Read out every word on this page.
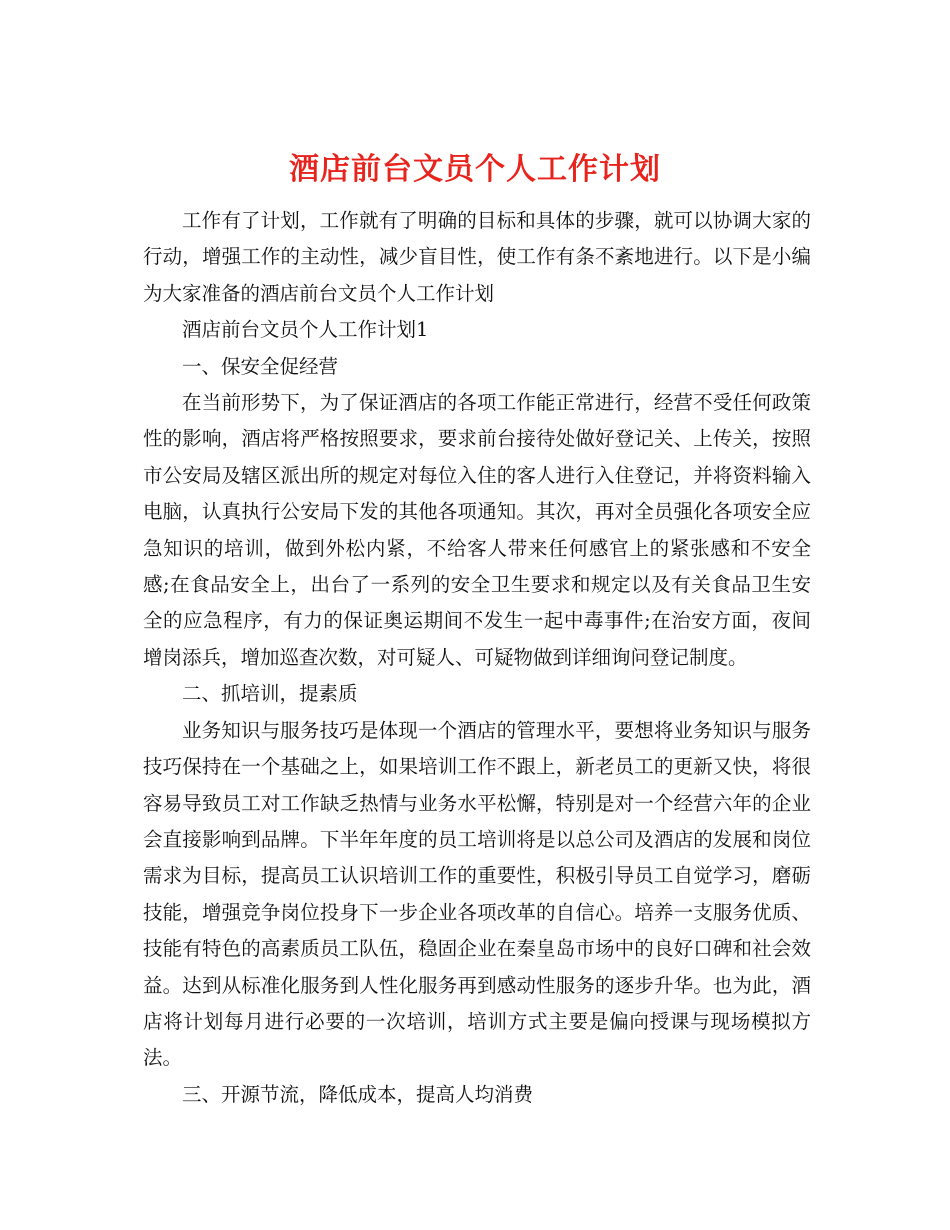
酒店前台文员个人工作计划

工作有了计划，工作就有了明确的目标和具体的步骤，就可以协调大家的行动，增强工作的主动性，减少盲目性，使工作有条不紊地进行。以下是小编为大家准备的酒店前台文员个人工作计划

酒店前台文员个人工作计划1

一、保安全促经营

在当前形势下，为了保证酒店的各项工作能正常进行，经营不受任何政策性的影响，酒店将严格按照要求，要求前台接待处做好登记关、上传关，按照市公安局及辖区派出所的规定对每位入住的客人进行入住登记，并将资料输入电脑，认真执行公安局下发的其他各项通知。其次，再对全员强化各项安全应急知识的培训，做到外松内紧，不给客人带来任何感官上的紧张感和不安全感;在食品安全上，出台了一系列的安全卫生要求和规定以及有关食品卫生安全的应急程序，有力的保证奥运期间不发生一起中毒事件;在治安方面，夜间增岗添兵，增加巡查次数，对可疑人、可疑物做到详细询问登记制度。

二、抓培训，提素质

业务知识与服务技巧是体现一个酒店的管理水平，要想将业务知识与服务技巧保持在一个基础之上，如果培训工作不跟上，新老员工的更新又快，将很容易导致员工对工作缺乏热情与业务水平松懈，特别是对一个经营六年的企业会直接影响到品牌。下半年年度的员工培训将是以总公司及酒店的发展和岗位需求为目标，提高员工认识培训工作的重要性，积极引导员工自觉学习，磨砺技能，增强竞争岗位投身下一步企业各项改革的自信心。培养一支服务优质、技能有特色的高素质员工队伍，稳固企业在秦皇岛市场中的良好口碑和社会效益。达到从标准化服务到人性化服务再到感动性服务的逐步升华。也为此，酒店将计划每月进行必要的一次培训，培训方式主要是偏向授课与现场模拟方法。

三、开源节流，降低成本，提高人均消费
